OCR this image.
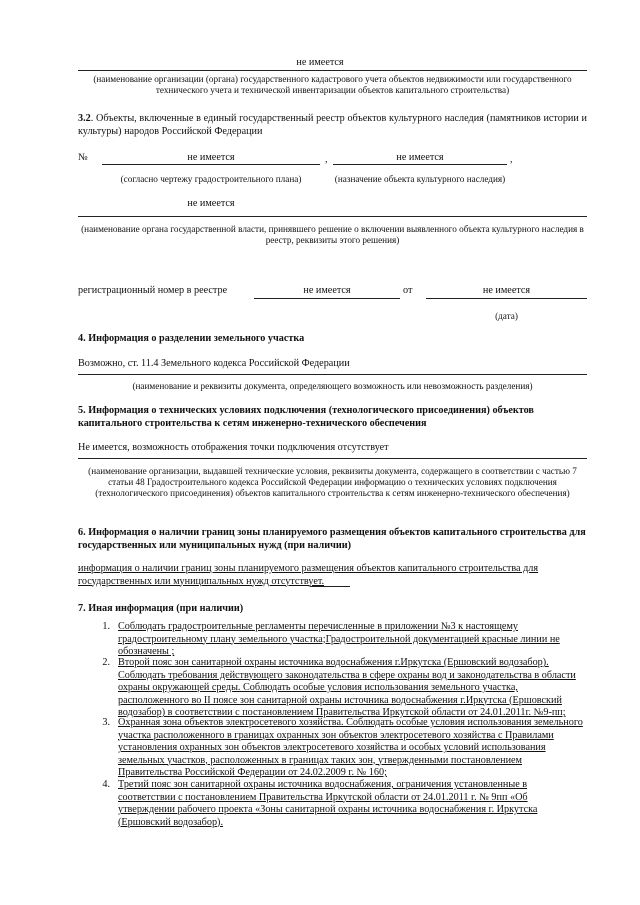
не имеется
(наименование организации (органа) государственного кадастрового учета объектов недвижимости или государственного технического учета и технической инвентаризации объектов капитального строительства)
3.2. Объекты, включенные в единый государственный реестр объектов культурного наследия (памятников истории и культуры) народов Российской Федерации
№	не имеется	,	не имеется	,
(согласно чертежу градостроительного плана)	(назначение объекта культурного наследия)
не имеется
(наименование органа государственной власти, принявшего решение о включении выявленного объекта культурного наследия в реестр, реквизиты этого решения)
регистрационный номер в реестре	не имеется	от	не имеется
(дата)
4. Информация о разделении земельного участка
Возможно, ст. 11.4 Земельного кодекса Российской Федерации
(наименование и реквизиты документа, определяющего возможность или невозможность разделения)
5. Информация о технических условиях подключения (технологического присоединения) объектов капитального строительства к сетям инженерно-технического обеспечения
Не имеется, возможность отображения точки подключения отсутствует
(наименование организации, выдавшей технические условия, реквизиты документа, содержащего в соответствии с частью 7 статьи 48 Градостроительного кодекса Российской Федерации информацию о технических условиях подключения (технологического присоединения) объектов капитального строительства к сетям инженерно-технического обеспечения)
6. Информация о наличии границ зоны планируемого размещения объектов капитального строительства для государственных или муниципальных нужд (при наличии)
информация о наличии границ зоны планируемого размещения объектов капитального строительства для государственных или муниципальных нужд отсутствует.
7. Иная информация (при наличии)
1. Соблюдать градостроительные регламенты перечисленные в приложении №3 к настоящему градостроительному плану земельного участка;Градостроительной документацией красные линии не обозначены ;
2. Второй пояс зон санитарной охраны источника водоснабжения г.Иркутска (Ершовский водозабор). Соблюдать требования действующего законодательства в сфере охраны вод и законодательства в области охраны окружающей среды. Соблюдать особые условия использования земельного участка, расположенного во II поясе зон санитарной охраны источника водоснабжения г.Иркутска (Ершовский водозабор) в соответствии с постановлением Правительства Иркутской области от 24.01.2011г. №9-пп;
3. Охранная зона объектов электросетевого хозяйства. Соблюдать особые условия использования земельного участка расположенного в границах охранных зон объектов электросетевого хозяйства с Правилами установления охранных зон объектов электросетевого хозяйства и особых условий использования земельных участков, расположенных в границах таких зон, утвержденными постановлением Правительства Российской Федерации от 24.02.2009 г. № 160;
4. Третий пояс зон санитарной охраны источника водоснабжения, ограничения установленные в соответствии с постановлением Правительства Иркутской области от 24.01.2011 г. № 9пп «Об утверждении рабочего проекта «Зоны санитарной охраны источника водоснабжения г. Иркутска (Ершовский водозабор).
